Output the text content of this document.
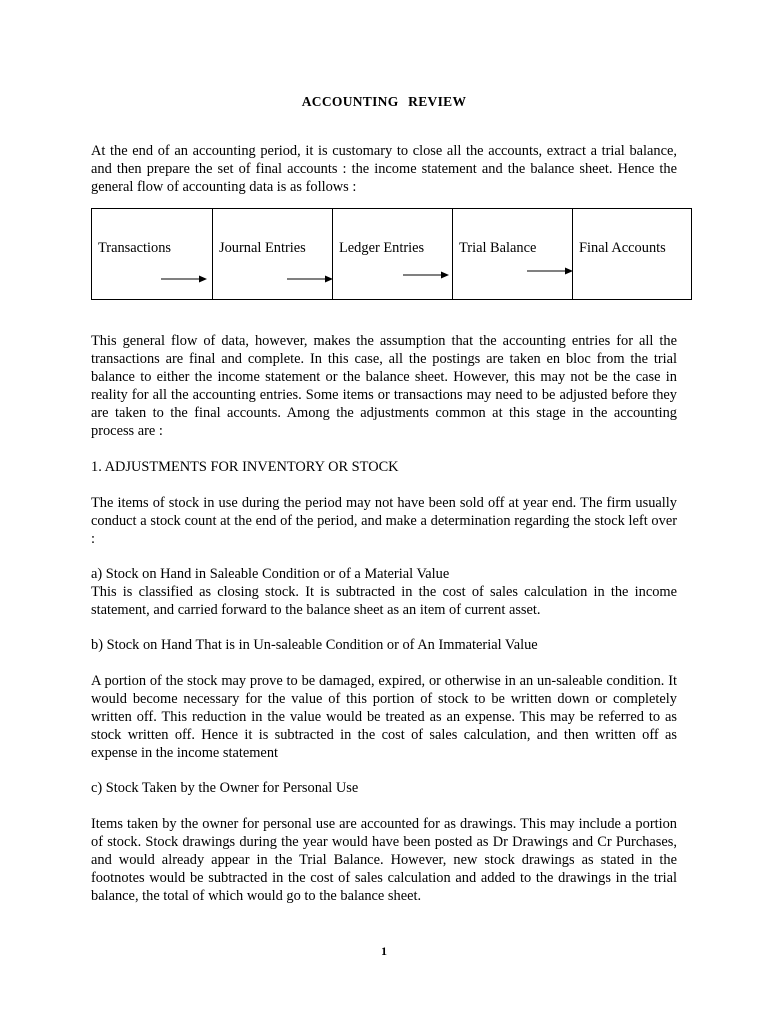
ACCOUNTING REVIEW

At the end of an accounting period, it is customary to close all the accounts, extract a trial balance, and then prepare the set of final accounts : the income statement and the balance sheet. Hence the general flow of accounting data is as follows :

Transactions	Journal Entries Ledger Entries Trial Balance	Final Accounts

This general flow of data, however, makes the assumption that the accounting entries for all the transactions are final and complete. In this case, all the postings are taken en bloc from the trial balance to either the income statement or the balance sheet. However, this may not be the case in reality for all the accounting entries. Some items or transactions may need to be adjusted before they are taken to the final accounts. Among the adjustments common at this stage in the accounting process are :

1. ADJUSTMENTS FOR INVENTORY OR STOCK

The items of stock in use during the period may not have been sold off at year end. The firm usually conduct a stock count at the end of the period, and make a determination regarding the stock left over :

a) Stock on Hand in Saleable Condition or of a Material Value

This is classified as closing stock. It is subtracted in the cost of sales calculation in the income statement, and carried forward to the balance sheet as an item of current asset.

b) Stock on Hand That is in Un-saleable Condition or of An Immaterial Value

A portion of the stock may prove to be damaged, expired, or otherwise in an un-saleable condition. It would become necessary for the value of this portion of stock to be written down or completely written off. This reduction in the value would be treated as an expense. This may be referred to as stock written off. Hence it is subtracted in the cost of sales calculation, and then written off as expense in the income statement

c) Stock Taken by the Owner for Personal Use

Items taken by the owner for personal use are accounted for as drawings. This may include a portion of stock. Stock drawings during the year would have been posted as Dr Drawings and Cr Purchases, and would already appear in the Trial Balance. However, new stock drawings as stated in the footnotes would be subtracted in the cost of sales calculation and added to the drawings in the trial balance, the total of which would go to the balance sheet.

1
